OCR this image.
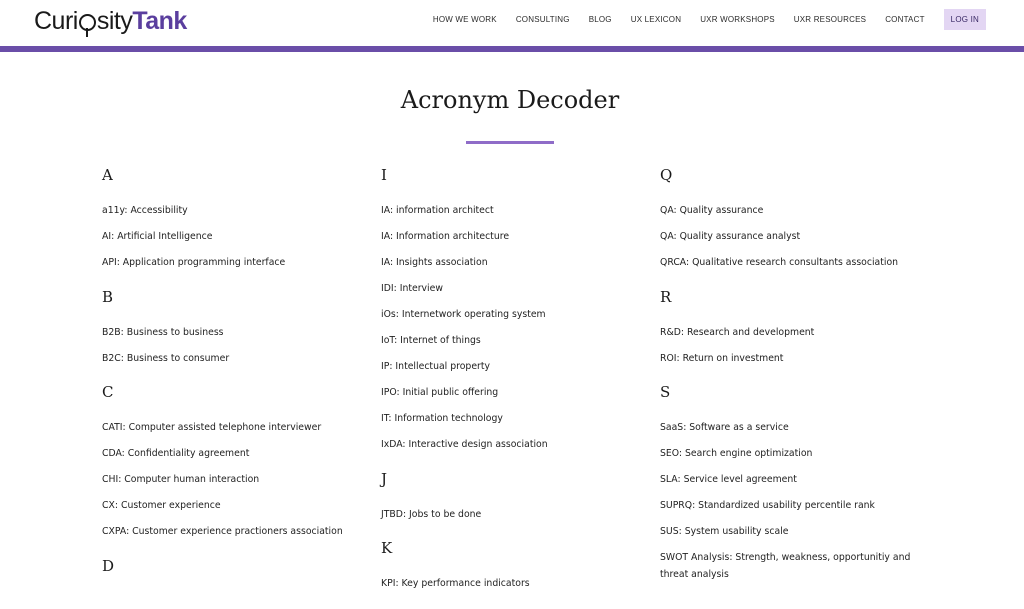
Curi sity Tank	HOW WE WORK CONSULTING BLOG UX LEXICON UXR WORKSHOPS UXR RESOURCES CONTACT	LOG IN
Acronym Decoder
A
a11y: Accessibility
AI: Artificial Intelligence
API: Application programming interface
B
B2B: Business to business
B2C: Business to consumer
C
CATI: Computer assisted telephone interviewer
CDA: Confidentiality agreement
CHI: Computer human interaction
CX: Customer experience
CXPA: Customer experience practioners association
D
I
IA: information architect
IA: Information architecture
IA: Insights association
IDI: Interview
iOs: Internetwork operating system
IoT: Internet of things
IP: Intellectual property
IPO: Initial public offering
IT: Information technology
IxDA: Interactive design association
J
JTBD: Jobs to be done
K
KPI: Key performance indicators
Q
QA: Quality assurance
QA: Quality assurance analyst
QRCA: Qualitative research consultants association
R
R&D: Research and development
ROI: Return on investment
S
SaaS: Software as a service
SEO: Search engine optimization
SLA: Service level agreement
SUPRQ: Standardized usability percentile rank
SUS: System usability scale
SWOT Analysis: Strength, weakness, opportunitiy and threat analysis
